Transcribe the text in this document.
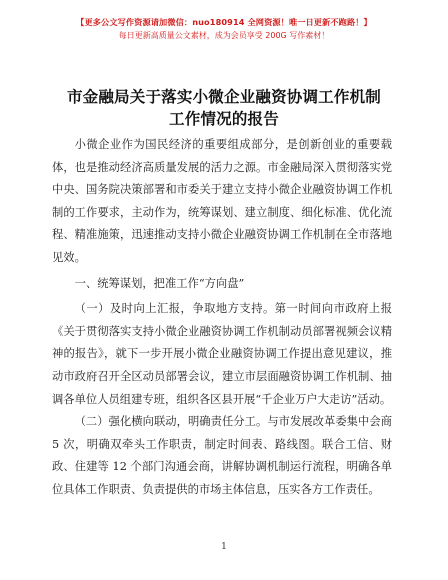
【更多公文写作资源请加微信：nuo180914 全网资源！唯一日更新不跑路！】
每日更新高质量公文素材，成为会员享受 200G 写作素材！
市金融局关于落实小微企业融资协调工作机制
工作情况的报告

小微企业作为国民经济的重要组成部分，是创新创业的重要载体，也是推动经济高质量发展的活力之源。市金融局深入贯彻落实党中央、国务院决策部署和市委关于建立支持小微企业融资协调工作机制的工作要求，主动作为，统筹谋划、建立制度、细化标准、优化流程、精准施策，迅速推动支持小微企业融资协调工作机制在全市落地见效。

一、统筹谋划，把准工作“方向盘”

（一）及时向上汇报，争取地方支持。第一时间向市政府上报《关于贯彻落实支持小微企业融资协调工作机制动员部署视频会议精神的报告》，就下一步开展小微企业融资协调工作提出意见建议，推动市政府召开全区动员部署会议，建立市层面融资协调工作机制、抽调各单位人员组建专班，组织各区县开展“千企业万户大走访”活动。

（二）强化横向联动，明确责任分工。与市发展改革委集中会商 5 次，明确双牵头工作职责，制定时间表、路线图。联合工信、财政、住建等 12 个部门沟通会商，讲解协调机制运行流程，明确各单位具体工作职责、负责提供的市场主体信息，压实各方工作责任。

1
